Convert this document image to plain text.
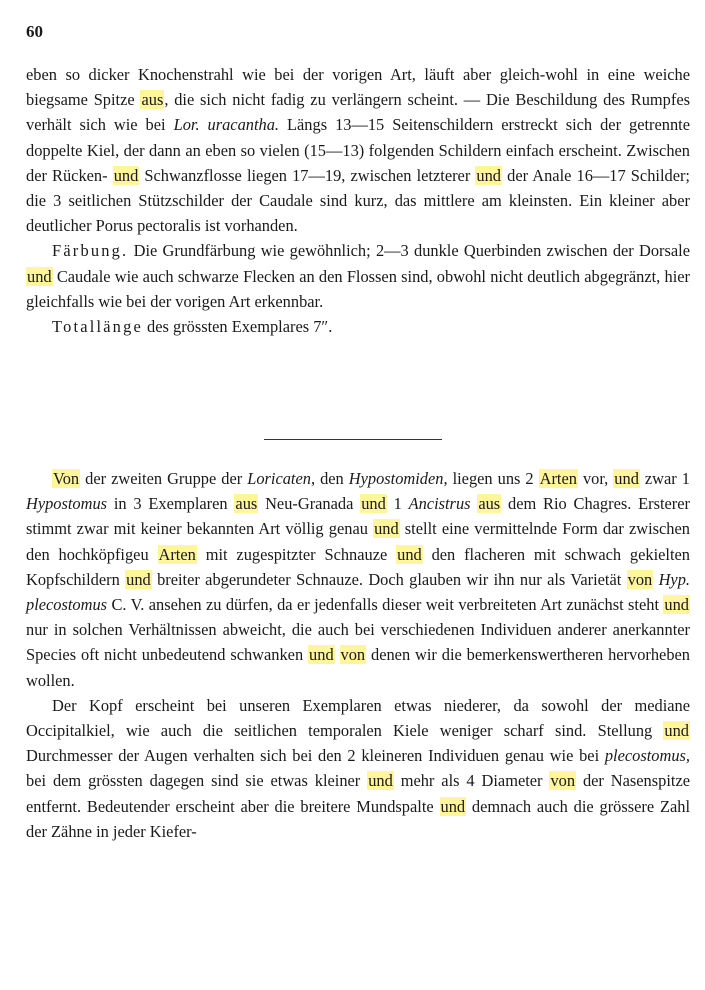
60

eben so dicker Knochenstrahl wie bei der vorigen Art, läuft aber gleich-wohl in eine weiche biegsame Spitze aus, die sich nicht fadig zu verlängern scheint. — Die Beschildung des Rumpfes verhält sich wie bei Lor. uracantha. Längs 13—15 Seitenschildern erstreckt sich der getrennte doppelte Kiel, der dann an eben so vielen (15—13) folgenden Schildern einfach erscheint. Zwischen der Rücken- und Schwanzflosse liegen 17—19, zwischen letzterer und der Anale 16—17 Schilder; die 3 seitlichen Stützschilder der Caudale sind kurz, das mittlere am kleinsten. Ein kleiner aber deutlicher Porus pectoralis ist vorhanden.

Färbung. Die Grundfärbung wie gewöhnlich; 2—3 dunkle Querbinden zwischen der Dorsale und Caudale wie auch schwarze Flecken an den Flossen sind, obwohl nicht deutlich abgegränzt, hier gleichfalls wie bei der vorigen Art erkennbar.

Totallänge des grössten Exemplares 7″.

Von der zweiten Gruppe der Loricaten, den Hypostomiden, liegen uns 2 Arten vor, und zwar 1 Hypostomus in 3 Exemplaren aus Neu-Granada und 1 Ancistrus aus dem Rio Chagres. Ersterer stimmt zwar mit keiner bekannten Art völlig genau und stellt eine vermittelnde Form dar zwischen den hochköpfigeu Arten mit zugespitzter Schnauze und den flacheren mit schwach gekielten Kopfschildern und breiter abgerundeter Schnauze. Doch glauben wir ihn nur als Varietät von Hyp. plecostomus C. V. ansehen zu dürfen, da er jedenfalls dieser weit verbreiteten Art zunächst steht und nur in solchen Verhältnissen abweicht, die auch bei verschiedenen Individuen anderer anerkannter Species oft nicht unbedeutend schwanken und von denen wir die bemerkenswertheren hervorheben wollen.

Der Kopf erscheint bei unseren Exemplaren etwas niederer, da sowohl der mediane Occipitalkiel, wie auch die seitlichen temporalen Kiele weniger scharf sind. Stellung und Durchmesser der Augen verhalten sich bei den 2 kleineren Individuen genau wie bei plecostomus, bei dem grössten dagegen sind sie etwas kleiner und mehr als 4 Diameter von der Nasenspitze entfernt. Bedeutender erscheint aber die breitere Mundspalte und demnach auch die grössere Zahl der Zähne in jeder Kiefer-
